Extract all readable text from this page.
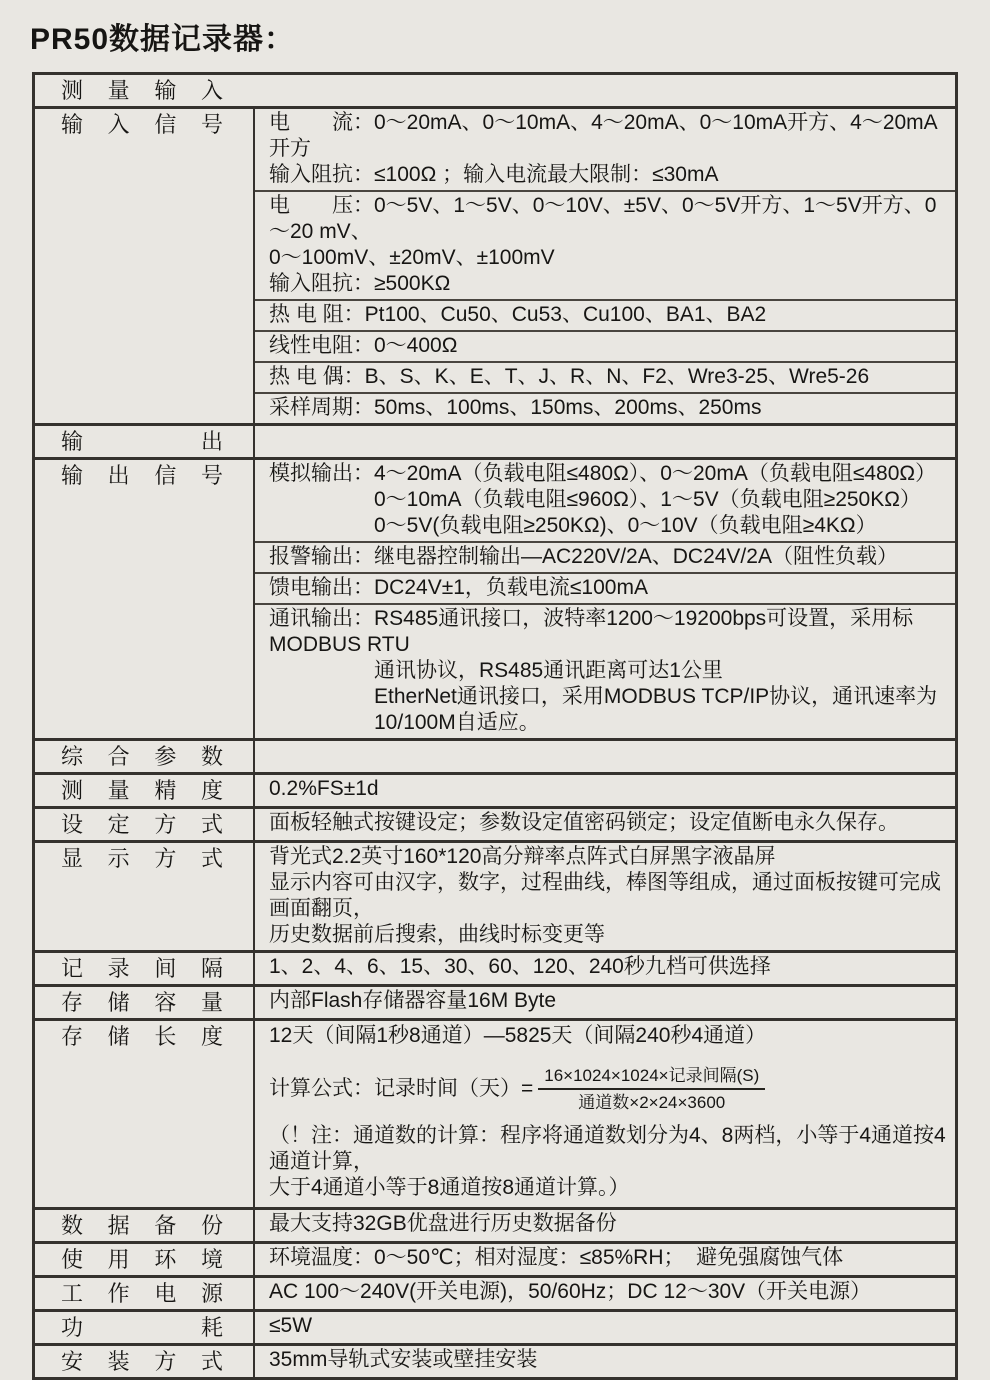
PR50数据记录器：
测量输入
输入信号 电　　流：0～20mA、0～10mA、4～20mA、0～10mA开方、4～20mA开方
输入阻抗：≤100Ω ；输入电流最大限制：≤30mA
电　　压：0～5V、1～5V、0～10V、±5V、0～5V开方、1～5V开方、0～20 mV、
0～100mV、±20mV、±100mV
输入阻抗：≥500KΩ
热 电 阻：Pt100、Cu50、Cu53、Cu100、BA1、BA2
线性电阻：0～400Ω
热 电 偶：B、S、K、E、T、J、R、N、F2、Wre3-25、Wre5-26
采样周期：50ms、100ms、150ms、200ms、250ms
输出
输出信号 模拟输出：4～20mA（负载电阻≤480Ω）、0～20mA（负载电阻≤480Ω）
0～10mA（负载电阻≤960Ω）、1～5V（负载电阻≥250KΩ）
0～5V(负载电阻≥250KΩ)、0～10V（负载电阻≥4KΩ）
报警输出：继电器控制输出—AC220V/2A、DC24V/2A（阻性负载）
馈电输出：DC24V±1，负载电流≤100mA
通讯输出：RS485通讯接口，波特率1200～19200bps可设置，采用标MODBUS RTU
通讯协议，RS485通讯距离可达1公里
EtherNet通讯接口，采用MODBUS TCP/IP协议，通讯速率为10/100M自适应。
综合参数
测量精度 0.2%FS±1d
设定方式 面板轻触式按键设定；参数设定值密码锁定；设定值断电永久保存。
显示方式 背光式2.2英寸160*120高分辩率点阵式白屏黑字液晶屏
显示内容可由汉字，数字，过程曲线，棒图等组成，通过面板按键可完成画面翻页，
历史数据前后搜索，曲线时标变更等
记录间隔 1、2、4、6、15、30、60、120、240秒九档可供选择
存储容量 内部Flash存储器容量16M Byte
存储长度 12天（间隔1秒8通道）—5825天（间隔240秒4通道）
计算公式：记录时间（天）= $\frac{\text{16×1024×1024×记录间隔(S)}}{\text{通道数×2×24×3600}}$
（！注：通道数的计算：程序将通道数划分为4、8两档，小等于4通道按4通道计算，
大于4通道小等于8通道按8通道计算。）
数据备份 最大支持32GB优盘进行历史数据备份
使用环境 环境温度：0～50℃；相对湿度：≤85%RH；  避免强腐蚀气体
工作电源 AC 100～240V(开关电源)，50/60Hz；DC 12～30V（开关电源）
功耗 ≤5W
安装方式 35mm导轨式安装或壁挂安装
